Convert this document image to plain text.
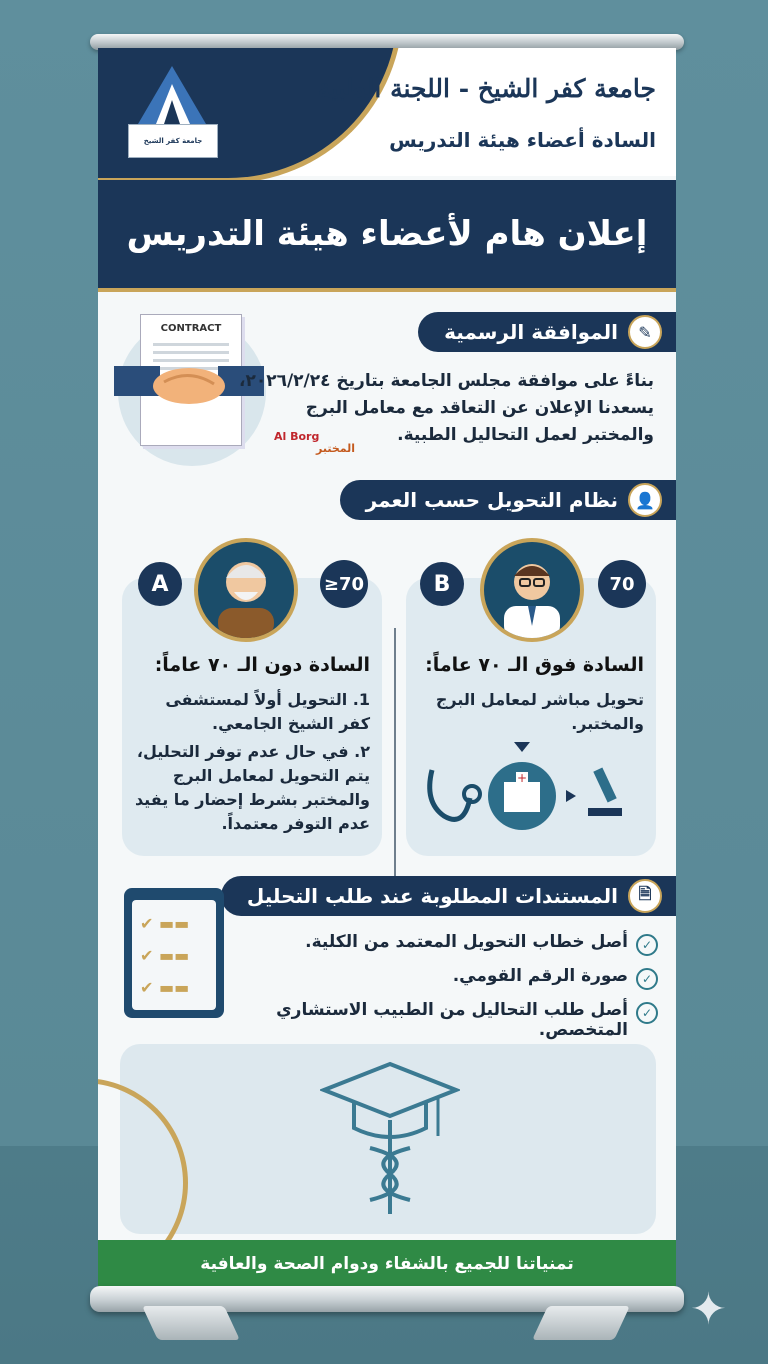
جامعة كفر الشيخ
جامعة كفر الشيخ - اللجنة الطبية
السادة أعضاء هيئة التدريس
إعلان هام لأعضاء هيئة التدريس
✎
الموافقة الرسمية
CONTRACT
Al Borg
المختبر
بناءً على موافقة مجلس الجامعة بتاريخ ٢٠٢٦/٢/٢٤،
يسعدنا الإعلان عن التعاقد مع معامل البرج
والمختبر لعمل التحاليل الطبية.
👤
نظام التحويل حسب العمر
A	≥70
السادة دون الـ ٧٠ عاماً:
1. التحويل أولاً لمستشفى كفر الشيخ الجامعي.
٢. في حال عدم توفر التحليل، يتم التحويل لمعامل البرج والمختبر بشرط إحضار ما يفيد عدم التوفر معتمداً.
B	70
السادة فوق الـ ٧٠ عاماً:
تحويل مباشر لمعامل البرج والمختبر.
+
🗎
المستندات المطلوبة عند طلب التحليل
✔ ▬▬
✔ ▬▬
✔ ▬▬
أصل خطاب التحويل المعتمد من الكلية.	✓
صورة الرقم القومي.	✓
أصل طلب التحاليل من الطبيب الاستشاري المتخصص.
✓
تمنياتنا للجميع بالشفاء ودوام الصحة والعافية
✦
